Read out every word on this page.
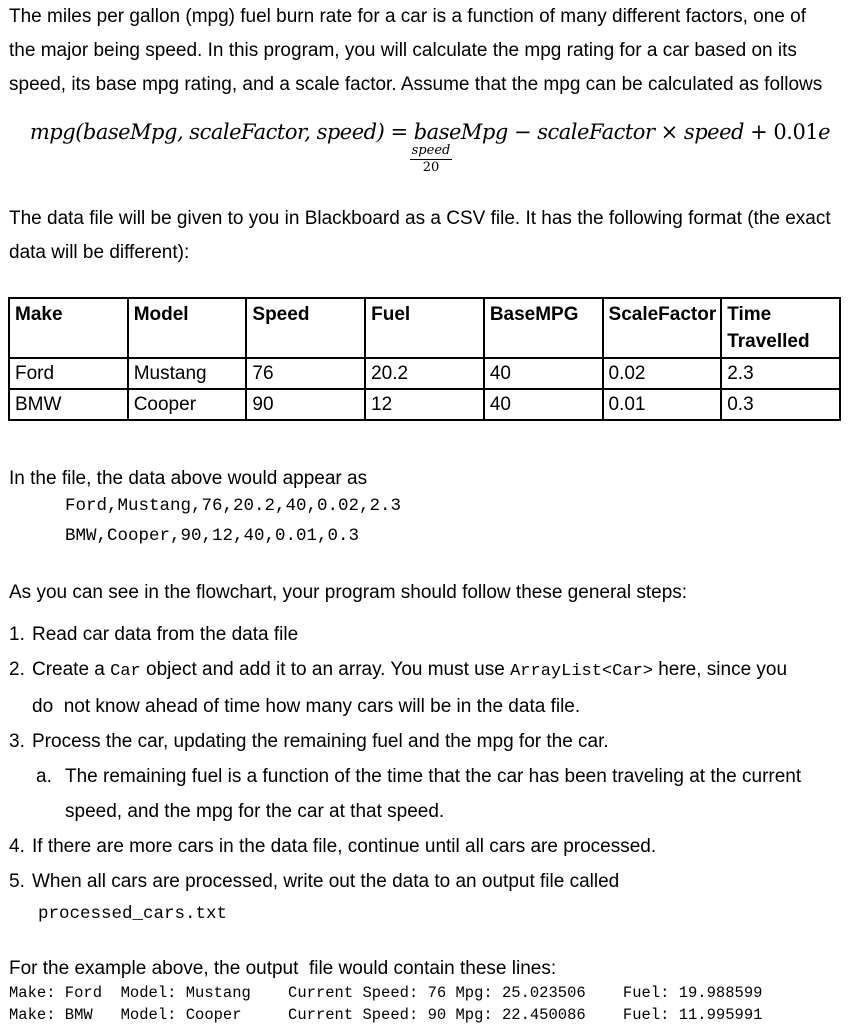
The miles per gallon (mpg) fuel burn rate for a car is a function of many different factors, one of
the major being speed. In this program, you will calculate the mpg rating for a car based on its
speed, its base mpg rating, and a scale factor. Assume that the mpg can be calculated as follows
mpg(baseMpg, scaleFactor, speed) = baseMpg − scaleFactor × speed + 0.01e
$\frac{\text{speed}}{20}$
The data file will be given to you in Blackboard as a CSV file. It has the following format (the exact
data will be different):
Make	Model	Speed	Fuel	BaseMPG	ScaleFactor	Time Travelled
Ford	Mustang	76	20.2	40	0.02	2.3
BMW	Cooper	90	12	40	0.01	0.3
In the file, the data above would appear as
Ford,Mustang,76,20.2,40,0.02,2.3
BMW,Cooper,90,12,40,0.01,0.3
As you can see in the flowchart, your program should follow these general steps:
1. Read car data from the data file
2. Create a Car object and add it to an array. You must use ArrayList<Car> here, since you
do  not know ahead of time how many cars will be in the data file.
3. Process the car, updating the remaining fuel and the mpg for the car.
a. The remaining fuel is a function of the time that the car has been traveling at the current
speed, and the mpg for the car at that speed.
4. If there are more cars in the data file, continue until all cars are processed.
5. When all cars are processed, write out the data to an output file called
processed_cars.txt
For the example above, the output  file would contain these lines:
Make: Ford  Model: Mustang    Current Speed: 76 Mpg: 25.023506    Fuel: 19.988599
Make: BMW   Model: Cooper     Current Speed: 90 Mpg: 22.450086    Fuel: 11.995991
